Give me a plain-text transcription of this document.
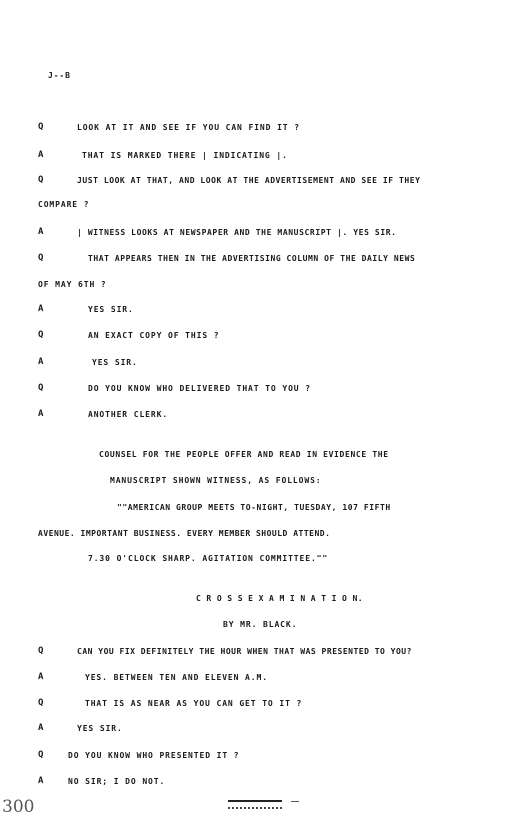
J--B
Q	LOOK AT IT AND SEE IF YOU CAN FIND IT ?
A	THAT IS MARKED THERE | INDICATING |.
Q	JUST LOOK AT THAT, AND LOOK AT THE ADVERTISEMENT AND SEE IF THEY
COMPARE ?
A	| WITNESS LOOKS AT NEWSPAPER AND THE MANUSCRIPT |. YES SIR.
Q	THAT APPEARS THEN IN THE ADVERTISING COLUMN OF THE DAILY NEWS
OF MAY 6TH ?
A	YES SIR.
Q	AN EXACT COPY OF THIS ?
A	YES SIR.
Q	DO YOU KNOW WHO DELIVERED THAT TO YOU ?
A	ANOTHER CLERK.
COUNSEL FOR THE PEOPLE OFFER AND READ IN EVIDENCE THE
MANUSCRIPT SHOWN WITNESS, AS FOLLOWS:
""AMERICAN GROUP MEETS TO-NIGHT, TUESDAY, 107 FIFTH
AVENUE. IMPORTANT BUSINESS. EVERY MEMBER SHOULD ATTEND.
7.30 O'CLOCK SHARP. AGITATION COMMITTEE.""
C R O S S E X A M I N A T I O N.
BY MR. BLACK.
Q	CAN YOU FIX DEFINITELY THE HOUR WHEN THAT WAS PRESENTED TO YOU?
A	YES. BETWEEN TEN AND ELEVEN A.M.
Q	THAT IS AS NEAR AS YOU CAN GET TO IT ?
A	YES SIR.
Q	DO YOU KNOW WHO PRESENTED IT ?
A	NO SIR; I DO NOT.
300
